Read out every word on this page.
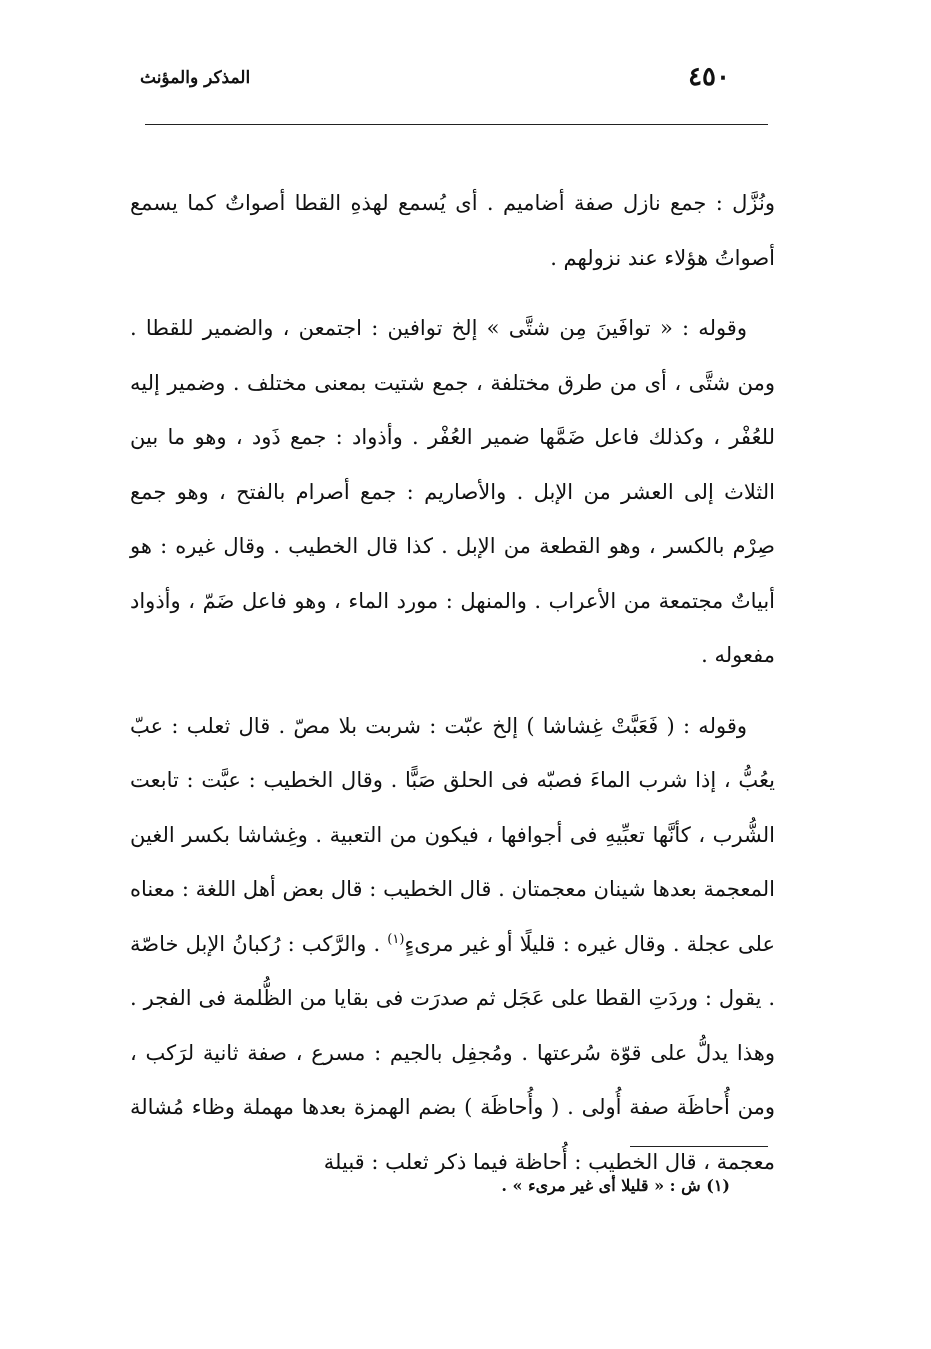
٤٥٠
المذكر والمؤنث

ونُزَّل : جمع نازل صفة أضاميم . أى يُسمع لهذهِ القطا أصواتٌ كما يسمع أصواتُ هؤلاء عند نزولهم .

وقوله : « توافَينَ مِن شتَّى » إلخ توافين : اجتمعن ، والضمير للقطا . ومن شتَّى ، أى من طرق مختلفة ، جمع شتيت بمعنى مختلف . وضمير إليه للعُفْر ، وكذلك فاعل ضَمَّها ضمير العُفْر . وأذواد : جمع ذَود ، وهو ما بين الثلاث إلى العشر من الإبل . والأصاريم : جمع أصرام بالفتح ، وهو جمع صِرْم بالكسر ، وهو القطعة من الإبل . كذا قال الخطيب . وقال غيره : هو أبياتٌ مجتمعة من الأعراب . والمنهل : مورد الماء ، وهو فاعل ضَمّ ، وأذواد مفعوله .

وقوله : ( فَعَبَّتْ غِشاشا ) إلخ عبّت : شربت بلا مصّ . قال ثعلب : عبّ يعُبُّ ، إذا شرب الماءَ فصبّه فى الحلق صَبًّا . وقال الخطيب : عبَّت : تابعت الشُّرب ، كأنَّها تعبِّيهِ فى أجوافها ، فيكون من التعبية . وغِشاشا بكسر الغين المعجمة بعدها شينان معجمتان . قال الخطيب : قال بعض أهل اللغة : معناه على عجلة . وقال غيره : قليلًا أو غير مرىءٍ$^{(١)}$ . والرَّكب : رُكبانُ الإبل خاصّة . يقول : وردَتِ القطا على عَجَل ثم صدرَت فى بقايا من الظُّلمة فى الفجر . وهذا يدلُّ على قوّة سُرعتها . ومُجفِل بالجيم : مسرع ، صفة ثانية لرَكب ، ومن أُحاظَة صفة أُولى . ( وأُحاظَة ) بضم الهمزة بعدها مهملة وظاء مُشالة معجمة ، قال الخطيب : أُحاظة فيما ذكر ثعلب : قبيلة

(١) ش : « قليلا أى غير مرىء » .
